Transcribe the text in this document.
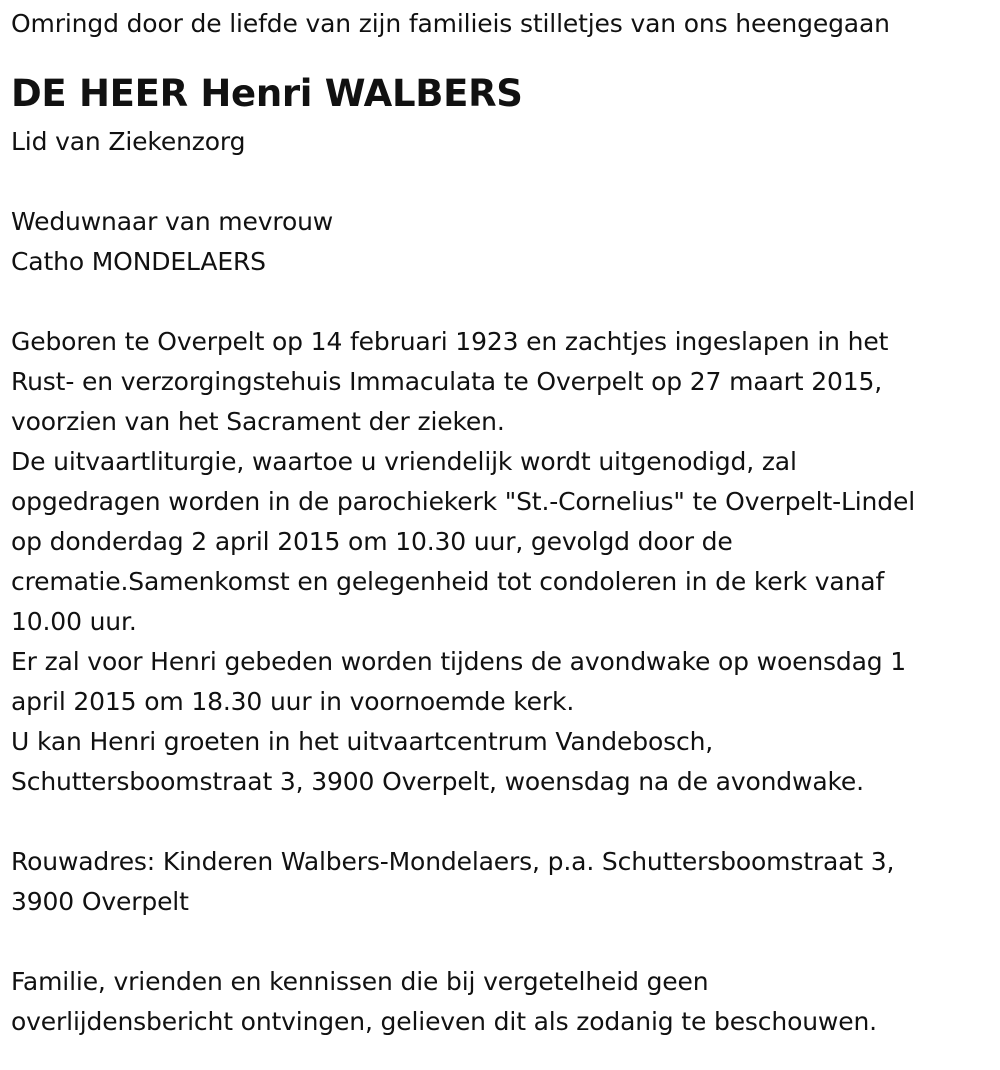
Omringd door de liefde van zijn familieis stilletjes van ons heengegaan
DE HEER Henri WALBERS
Lid van Ziekenzorg
Weduwnaar van mevrouw
Catho MONDELAERS
Geboren te Overpelt op 14 februari 1923 en zachtjes ingeslapen in het
Rust- en verzorgingstehuis Immaculata te Overpelt op 27 maart 2015,
voorzien van het Sacrament der zieken.
De uitvaartliturgie, waartoe u vriendelijk wordt uitgenodigd, zal
opgedragen worden in de parochiekerk "St.-Cornelius" te Overpelt-Lindel
op donderdag 2 april 2015 om 10.30 uur, gevolgd door de
crematie.Samenkomst en gelegenheid tot condoleren in de kerk vanaf
10.00 uur.
Er zal voor Henri gebeden worden tijdens de avondwake op woensdag 1
april 2015 om 18.30 uur in voornoemde kerk.
U kan Henri groeten in het uitvaartcentrum Vandebosch,
Schuttersboomstraat 3, 3900 Overpelt, woensdag na de avondwake.
Rouwadres: Kinderen Walbers-Mondelaers, p.a. Schuttersboomstraat 3,
3900 Overpelt
Familie, vrienden en kennissen die bij vergetelheid geen
overlijdensbericht ontvingen, gelieven dit als zodanig te beschouwen.
